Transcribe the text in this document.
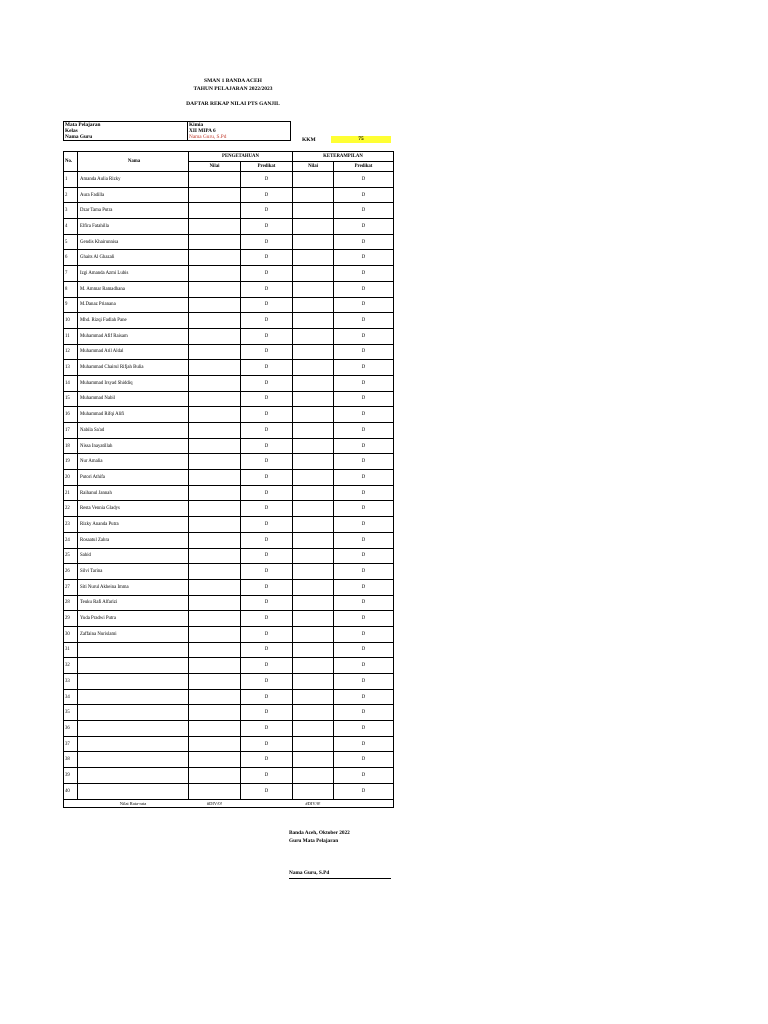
SMAN 1 BANDA ACEH
TAHUN PELAJARAN 2022/2023
DAFTAR REKAP NILAI PTS GANJIL
Mata Pelajaran	Kimia
Kelas	XII MIPA 6
Nama Guru	Nama Guru, S.Pd	KKM	75
No.	Nama	PENGETAHUAN		KETERAMPILAN	
		Nilai	Predikat	Nilai	Predikat
1	Amanda Aulia Rizky		D		D
2	Aura Fadilla		D		D
3	Dzar Tama Putra		D		D
4	Elfira Fatahilla		D		D
5	Gendis Khairunnisa		D		D
6	Ghaits Al Ghazali		D		D
7	Izgi Amanda Azmi Lubis		D		D
8	M. Ammar Ramadhana		D		D
9	M.Danaz Prianana		D		D
10	Mhd. Rizqi Fadlah Pane		D		D
11	Muhammad Afif Raisam		D		D
12	Muhammad Aril Aldal		D		D
13	Muhammad Chairul Rifjah Bulia		D		D
14	Muhammad Irsyad Shiddiq		D		D
15	Muhammad Nabil		D		D
16	Muhammad Rifqi Alifi		D		D
17	Nabila Sa'ad		D		D
18	Nissa Inayatillah		D		D
19	Nur Amalia		D		D
20	Putori Athifa		D		D
21	Raihanul Jannah		D		D
22	Resta Vennia Gladys		D		D
23	Rizky Ananda Putra		D		D
24	Rosaatul Zahra		D		D
25	Sahid		D		D
26	Silvi Tarina		D		D
27	Siti Nurul Akheina Imma		D		D
28	Teuku Rafi Alfarizi		D		D
29	Yuda Pradwi Putra		D		D
30	Zaffaina Nurislami		D		D
31			D		D
32			D		D
33			D		D
34			D		D
35			D		D
36			D		D
37			D		D
38			D		D
39			D		D
40			D		D
	Nilai Rata-rata	#DIV/0!		#DIV/0!	
Banda Aceh, Oktober 2022
Guru Mata Pelajaran
Nama Guru, S.Pd
